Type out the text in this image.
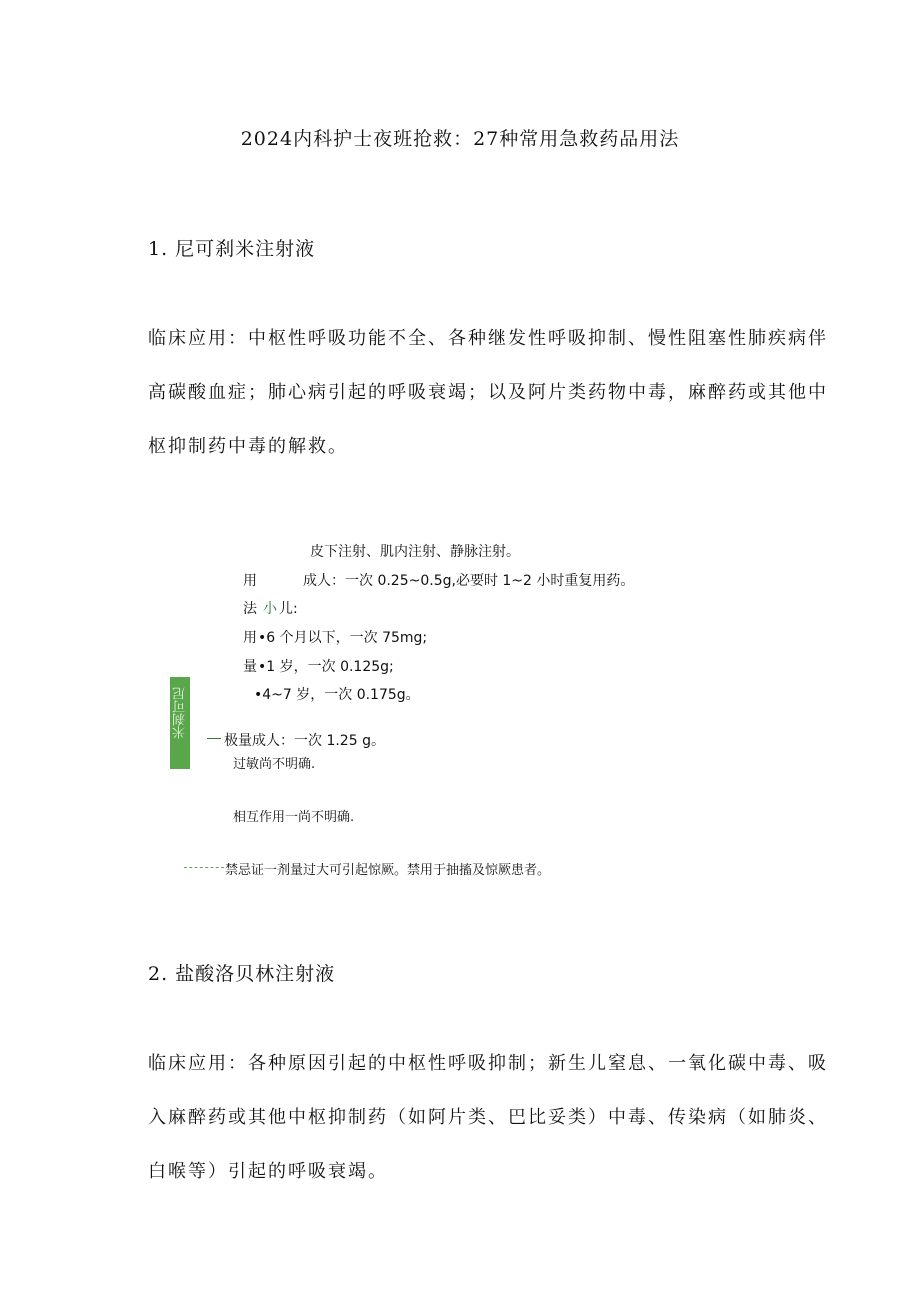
2024内科护士夜班抢救：27种常用急救药品用法
1. 尼可刹米注射液
临床应用：中枢性呼吸功能不全、各种继发性呼吸抑制、慢性阻塞性肺疾病伴
高碳酸血症；肺心病引起的呼吸衰竭；以及阿片类药物中毒，麻醉药或其他中
枢抑制药中毒的解救。
皮下注射、肌内注射、静脉注射。
用	成人：一次 0.25~0.5g,必要时 1~2 小时重复用药。
法 小 儿:
用 •6 个月以下，一次 75mg;
量 •1 岁，一次 0.125g;
•4~7 岁，一次 0.175g。
米刹可尼
极量成人：一次 1.25 g。
过敏尚不明确.
相互作用一尚不明确.
禁忌证一剂量过大可引起惊厥。禁用于抽搐及惊厥患者。
2. 盐酸洛贝林注射液
临床应用：各种原因引起的中枢性呼吸抑制；新生儿窒息、一氧化碳中毒、吸
入麻醉药或其他中枢抑制药（如阿片类、巴比妥类）中毒、传染病（如肺炎、
白喉等）引起的呼吸衰竭。
